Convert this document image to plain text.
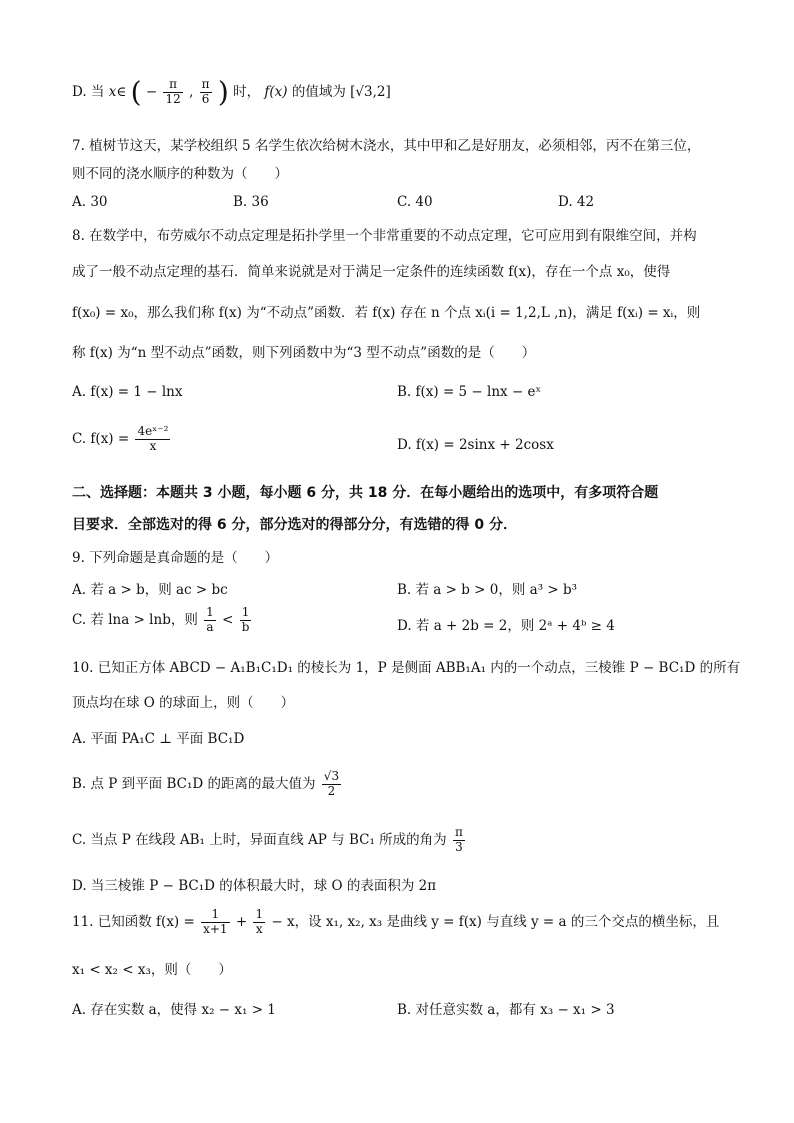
D. 当 x∈ ( − $\frac{\pi}{12}$ , $\frac{\pi}{6}$ ) 时， f(x) 的值域为 [√3,2]
7. 植树节这天，某学校组织 5 名学生依次给树木浇水，其中甲和乙是好朋友，必须相邻，丙不在第三位，
则不同的浇水顺序的种数为（　　）
A. 30	B. 36	C. 40	D. 42
8. 在数学中，布劳威尔不动点定理是拓扑学里一个非常重要的不动点定理，它可应用到有限维空间，并构
成了一般不动点定理的基石．简单来说就是对于满足一定条件的连续函数 f(x)，存在一个点 x₀，使得
f(x₀) = x₀，那么我们称 f(x) 为“不动点”函数．若 f(x) 存在 n 个点 xᵢ(i = 1,2,L ,n)，满足 f(xᵢ) = xᵢ，则
称 f(x) 为“n 型不动点”函数，则下列函数中为“3 型不动点”函数的是（　　）
A. f(x) = 1 − lnx	B. f(x) = 5 − lnx − eˣ
C. $f(x) = \frac{\text{4eˣ⁻²}}{x}$	D. f(x) = 2sinx + 2cosx
二、选择题：本题共 3 小题，每小题 6 分，共 18 分．在每小题给出的选项中，有多项符合题
目要求．全部选对的得 6 分，部分选对的得部分分，有选错的得 0 分．
9. 下列命题是真命题的是（　　）
A. 若 a > b，则 ac > bc	B. 若 a > b > 0，则 a³ > b³
C. 若 lna > lnb，则 $\frac{1}{a} < \frac{1}{b}$	D. 若 a + 2b = 2，则 2ᵃ + 4ᵇ ≥ 4
10. 已知正方体 ABCD − A₁B₁C₁D₁ 的棱长为 1，P 是侧面 ABB₁A₁ 内的一个动点，三棱锥 P − BC₁D 的所有
顶点均在球 O 的球面上，则（　　）
A. 平面 PA₁C ⊥ 平面 BC₁D
B. 点 P 到平面 BC₁D 的距离的最大值为 $\frac{√3}{2}$
C. 当点 P 在线段 AB₁ 上时，异面直线 AP 与 BC₁ 所成的角为 $\frac{\pi}{3}$
D. 当三棱锥 P − BC₁D 的体积最大时，球 O 的表面积为 2π
11. 已知函数 $f(x) = \frac{1}{x+1} + \frac{1}{x} - x$，设 x₁, x₂, x₃ 是曲线 y = f(x) 与直线 y = a 的三个交点的横坐标，且
x₁ < x₂ < x₃，则（　　）
A. 存在实数 a，使得 x₂ − x₁ > 1	B. 对任意实数 a，都有 x₃ − x₁ > 3
